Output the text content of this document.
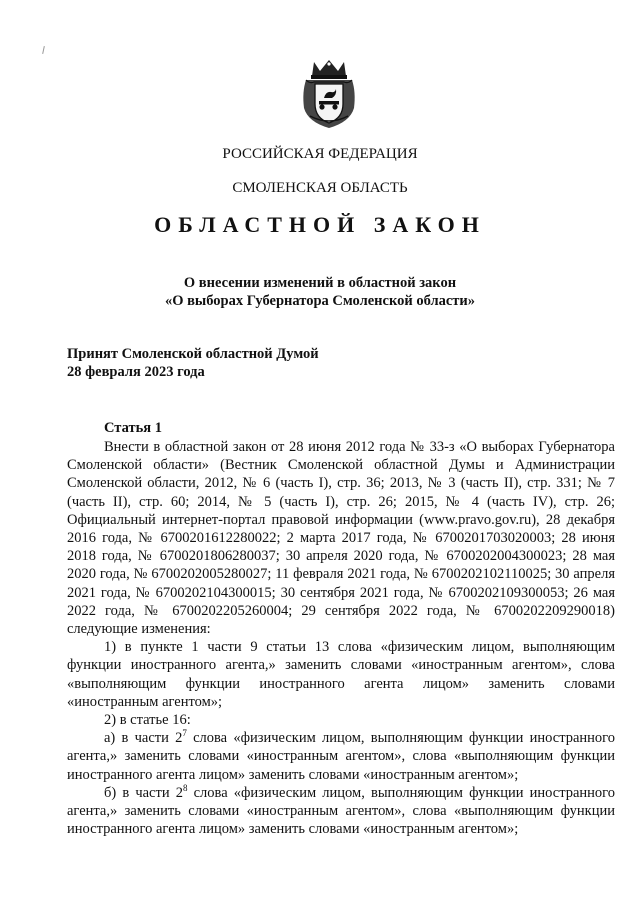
РОССИЙСКАЯ ФЕДЕРАЦИЯ
СМОЛЕНСКАЯ ОБЛАСТЬ
ОБЛАСТНОЙ ЗАКОН
О внесении изменений в областной закон
«О выборах Губернатора Смоленской области»
Принят Смоленской областной Думой
28 февраля 2023 года
Статья 1

Внести в областной закон от 28 июня 2012 года № 33-з «О выборах Губернатора Смоленской области» (Вестник Смоленской областной Думы и Администрации Смоленской области, 2012, № 6 (часть I), стр. 36; 2013, № 3 (часть II), стр. 331; № 7 (часть II), стр. 60; 2014, № 5 (часть I), стр. 26; 2015, № 4 (часть IV), стр. 26; Официальный интернет-портал правовой информации (www.pravo.gov.ru), 28 декабря 2016 года, № 6700201612280022; 2 марта 2017 года, № 6700201703020003; 28 июня 2018 года, № 6700201806280037; 30 апреля 2020 года, № 6700202004300023; 28 мая 2020 года, № 6700202005280027; 11 февраля 2021 года, № 6700202102110025; 30 апреля 2021 года, № 6700202104300015; 30 сентября 2021 года, № 6700202109300053; 26 мая 2022 года, № 6700202205260004; 29 сентября 2022 года, № 6700202209290018) следующие изменения:

1) в пункте 1 части 9 статьи 13 слова «физическим лицом, выполняющим функции иностранного агента,» заменить словами «иностранным агентом», слова «выполняющим функции иностранного агента лицом» заменить словами «иностранным агентом»;

2) в статье 16:

а) в части $2^7$ слова «физическим лицом, выполняющим функции иностранного агента,» заменить словами «иностранным агентом», слова «выполняющим функции иностранного агента лицом» заменить словами «иностранным агентом»;

б) в части $2^8$ слова «физическим лицом, выполняющим функции иностранного агента,» заменить словами «иностранным агентом», слова «выполняющим функции иностранного агента лицом» заменить словами «иностранным агентом»;
